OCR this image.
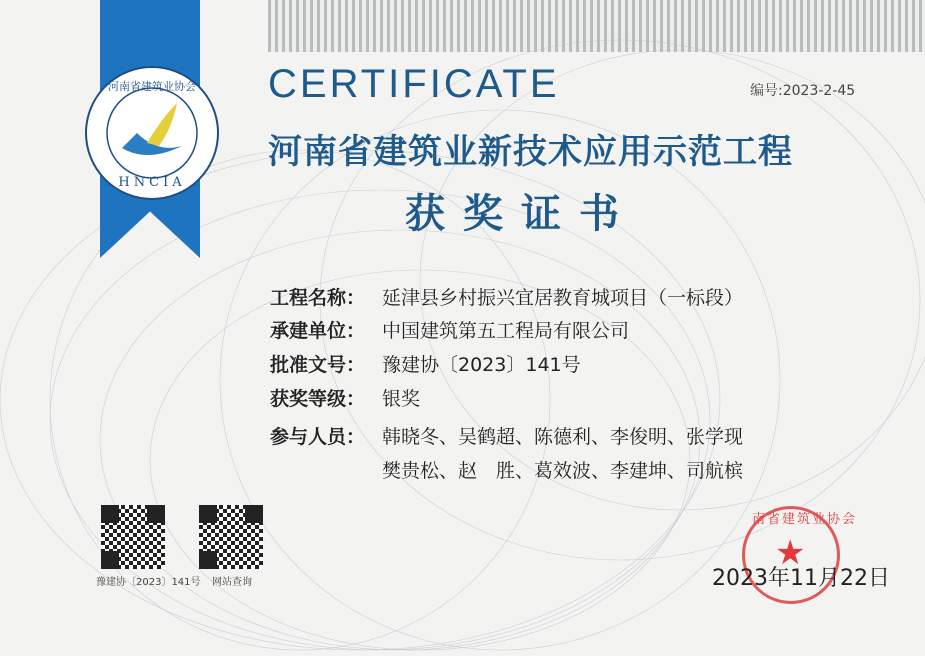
HNCIA
河南省建筑业协会 CERTIFICATE	编号:2023-2-45
河南省建筑业新技术应用示范工程
获奖证书
工程名称： 延津县乡村振兴宜居教育城项目（一标段）
承建单位： 中国建筑第五工程局有限公司
批准文号： 豫建协〔2023〕141号
获奖等级： 银奖
参与人员： 韩晓冬、吴鹤超、陈德利、李俊明、张学现
樊贵松、赵　胜、葛效波、李建坤、司航槟
豫建协〔2023〕141号 网站查询
南省建筑业协会
★
2023年11月22日
